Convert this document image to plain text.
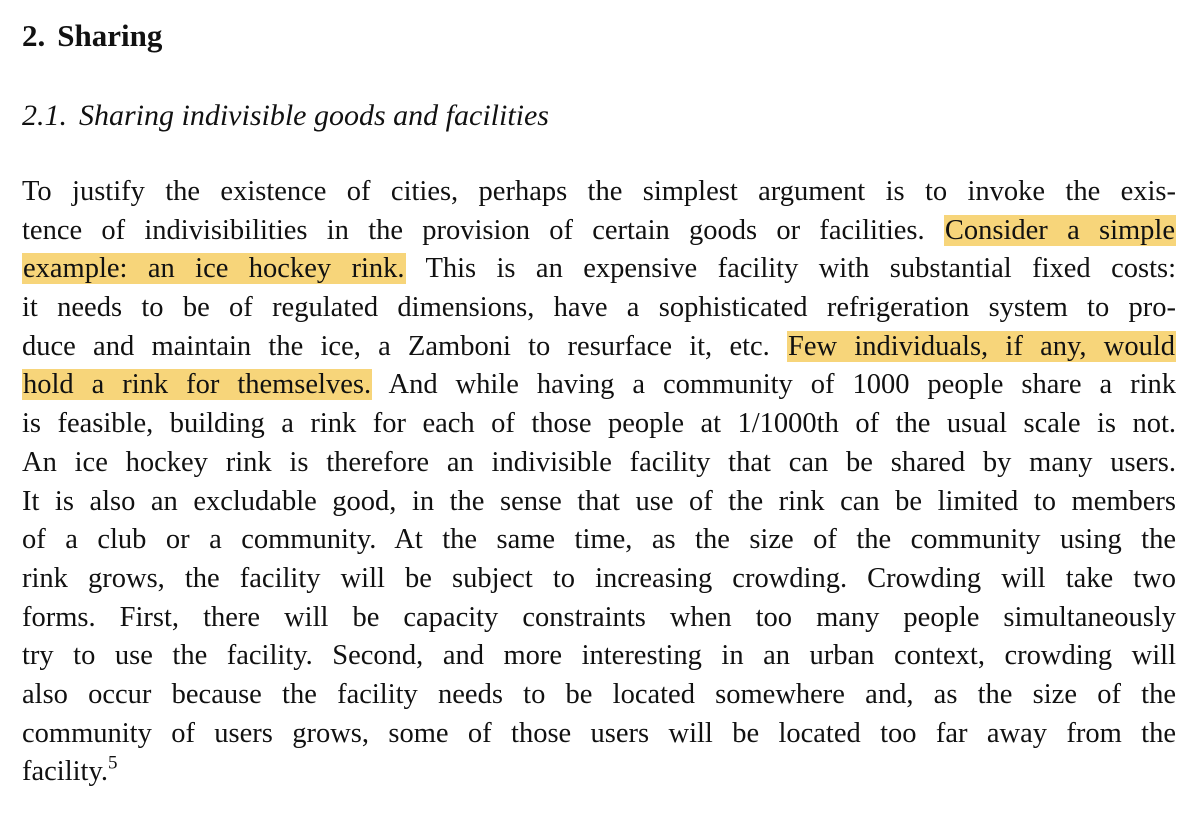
2. Sharing
2.1. Sharing indivisible goods and facilities
To justify the existence of cities, perhaps the simplest argument is to invoke the exis-
tence of indivisibilities in the provision of certain goods or facilities. Consider a simple
example: an ice hockey rink. This is an expensive facility with substantial fixed costs:
it needs to be of regulated dimensions, have a sophisticated refrigeration system to pro-
duce and maintain the ice, a Zamboni to resurface it, etc. Few individuals, if any, would
hold a rink for themselves. And while having a community of 1000 people share a rink
is feasible, building a rink for each of those people at 1/1000th of the usual scale is not.
An ice hockey rink is therefore an indivisible facility that can be shared by many users.
It is also an excludable good, in the sense that use of the rink can be limited to members
of a club or a community. At the same time, as the size of the community using the
rink grows, the facility will be subject to increasing crowding. Crowding will take two
forms. First, there will be capacity constraints when too many people simultaneously
try to use the facility. Second, and more interesting in an urban context, crowding will
also occur because the facility needs to be located somewhere and, as the size of the
community of users grows, some of those users will be located too far away from the
facility.$^5$
